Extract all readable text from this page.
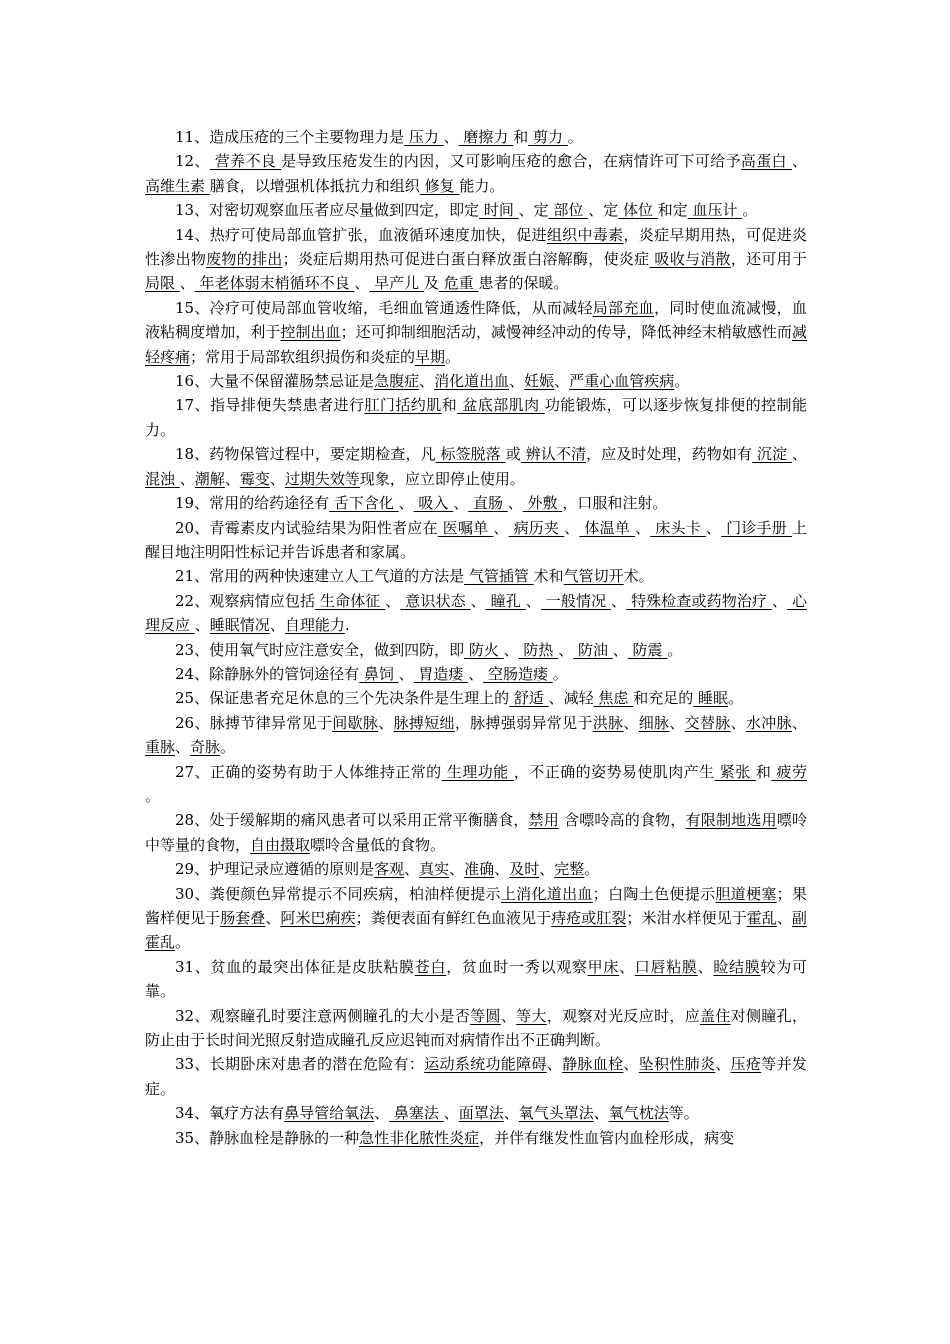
11、造成压疮的三个主要物理力是 压力 、 磨擦力 和 剪力 。

12、 营养不良 是导致压疮发生的内因，又可影响压疮的愈合，在病情许可下可给予高蛋白 、高维生素 膳食，以增强机体抵抗力和组织 修复 能力。

13、对密切观察血压者应尽量做到四定，即定 时间 、定 部位 、定 体位 和定 血压计 。

14、热疗可使局部血管扩张，血液循环速度加快，促进组织中毒素，炎症早期用热，可促进炎性渗出物废物的排出；炎症后期用热可促进白蛋白释放蛋白溶解酶，使炎症 吸收与消散，还可用于 局限 、 年老体弱末梢循环不良 、 早产儿 及 危重 患者的保暖。

15、冷疗可使局部血管收缩，毛细血管通透性降低，从而减轻局部充血，同时使血流减慢，血液粘稠度增加，利于控制出血；还可抑制细胞活动，减慢神经冲动的传导，降低神经末梢敏感性而减轻疼痛；常用于局部软组织损伤和炎症的早期。

16、大量不保留灌肠禁忌证是急腹症、消化道出血、妊娠、严重心血管疾病。

17、指导排便失禁患者进行肛门括约肌和 盆底部肌肉 功能锻炼，可以逐步恢复排便的控制能力。

18、药物保管过程中，要定期检查，凡 标签脱落 或 辨认不清，应及时处理，药物如有 沉淀 、 混浊 、潮解、霉变、过期失效等现象，应立即停止使用。

19、常用的给药途径有 舌下含化 、 吸入 、 直肠 、 外敷 ，口服和注射。

20、青霉素皮内试验结果为阳性者应在 医嘱单 、 病历夹 、 体温单 、 床头卡 、 门诊手册 上醒目地注明阳性标记并告诉患者和家属。

21、常用的两种快速建立人工气道的方法是 气管插管 术和气管切开术。

22、观察病情应包括 生命体征 、 意识状态 、 瞳孔 、 一般情况 、 特殊检查或药物治疗 、 心理反应 、睡眠情况、自理能力.

23、使用氧气时应注意安全，做到四防，即 防火 、 防热 、 防油 、 防震 。

24、除静脉外的管饲途径有 鼻饲 、 胃造瘘 、 空肠造瘘 。

25、保证患者充足休息的三个先决条件是生理上的 舒适 、减轻 焦虑 和充足的 睡眠。

26、脉搏节律异常见于间歇脉、脉搏短绌，脉搏强弱异常见于洪脉、细脉、交替脉、水冲脉、重脉、奇脉。

27、正确的姿势有助于人体维持正常的 生理功能 ，不正确的姿势易使肌肉产生 紧张 和 疲劳 。

28、处于缓解期的痛风患者可以采用正常平衡膳食，禁用 含嘌呤高的食物，有限制地选用嘌呤中等量的食物，自由摄取嘌呤含量低的食物。

29、护理记录应遵循的原则是客观、真实、准确、及时、完整。

30、粪便颜色异常提示不同疾病，柏油样便提示上消化道出血；白陶土色便提示胆道梗塞；果酱样便见于肠套叠、阿米巴痢疾；粪便表面有鲜红色血液见于痔疮或肛裂；米泔水样便见于霍乱、副霍乱。

31、贫血的最突出体征是皮肤粘膜苍白，贫血时一秀以观察甲床、口唇粘膜、睑结膜较为可靠。

32、观察瞳孔时要注意两侧瞳孔的大小是否等圆、等大，观察对光反应时，应盖住对侧瞳孔，防止由于长时间光照反射造成瞳孔反应迟钝而对病情作出不正确判断。

33、长期卧床对患者的潜在危险有：运动系统功能障碍、静脉血栓、坠积性肺炎、压疮等并发症。

34、氧疗方法有鼻导管给氧法、 鼻塞法 、面罩法、氧气头罩法、氧气枕法等。

35、静脉血栓是静脉的一种急性非化脓性炎症，并伴有继发性血管内血栓形成，病变
